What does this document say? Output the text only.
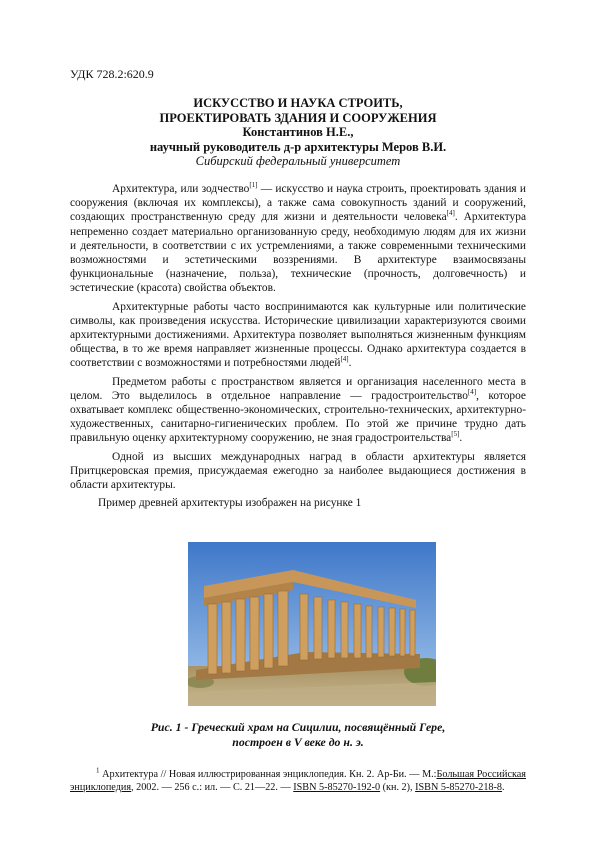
УДК 728.2:620.9
ИСКУССТВО И НАУКА СТРОИТЬ,
ПРОЕКТИРОВАТЬ ЗДАНИЯ И СООРУЖЕНИЯ
Константинов Н.Е.,
научный руководитель д-р архитектуры Меров В.И.
Сибирский федеральный университет

Архитектура, или зодчество[1] — искусство и наука строить, проектировать здания и сооружения (включая их комплексы), а также сама совокупность зданий и сооружений, создающих пространственную среду для жизни и деятельности человека[4]. Архитектура непременно создает материально организованную среду, необходимую людям для их жизни и деятельности, в соответствии с их устремлениями, а также современными техническими возможностями и эстетическими воззрениями. В архитектуре взаимосвязаны функциональные (назначение, польза), технические (прочность, долговечность) и эстетические (красота) свойства объектов.

Архитектурные работы часто воспринимаются как культурные или политические символы, как произведения искусства. Исторические цивилизации характеризуются своими архитектурными достижениями. Архитектура позволяет выполняться жизненным функциям общества, в то же время направляет жизненные процессы. Однако архитектура создается в соответствии с возможностями и потребностями людей[4].

Предметом работы с пространством является и организация населенного места в целом. Это выделилось в отдельное направление — градостроительство[4], которое охватывает комплекс общественно-экономических, строительно-технических, архитектурно-художественных, санитарно-гигиенических проблем. По этой же причине трудно дать правильную оценку архитектурному сооружению, не зная градостроительства[5].

Одной из высших международных наград в области архитектуры является Притцкеровская премия, присуждаемая ежегодно за наиболее выдающиеся достижения в области архитектуры.

Пример древней архитектуры изображен на рисунке 1

Рис. 1 - Греческий храм на Сицилии, посвящённый Гере,
построен в V веке до н. э.
$^1$ Архитектура // Новая иллюстрированная энциклопедия. Кн. 2. Ар-Би. — М.:Большая Российская энциклопедия, 2002. — 256 с.: ил. — С. 21—22. — ISBN 5-85270-192-0 (кн. 2), ISBN 5-85270-218-8.
